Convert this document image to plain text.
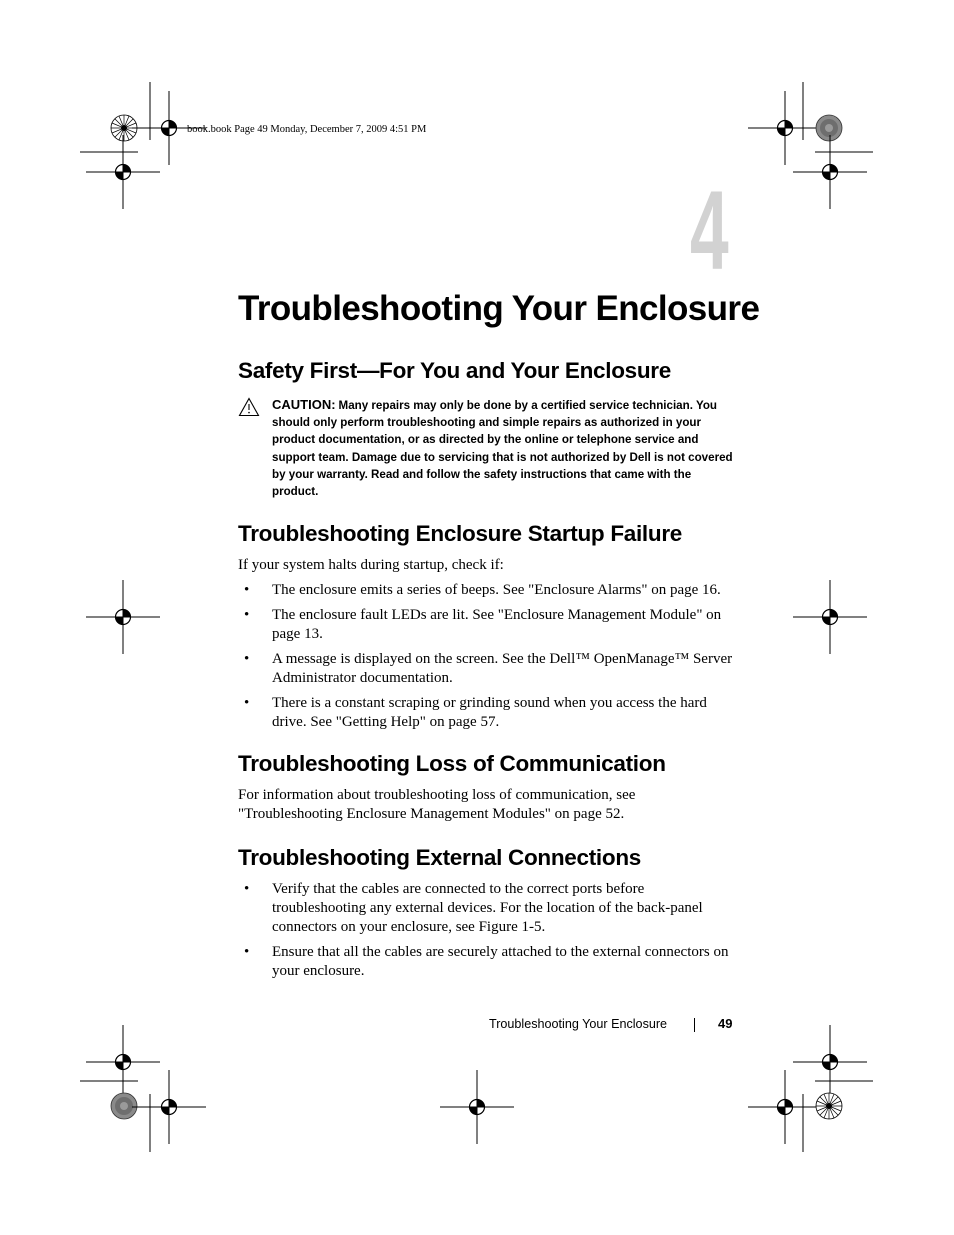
book.book Page 49 Monday, December 7, 2009 4:51 PM
4
Troubleshooting Your Enclosure
Safety First—For You and Your Enclosure

CAUTION: Many repairs may only be done by a certified service technician. You should only perform troubleshooting and simple repairs as authorized in your product documentation, or as directed by the online or telephone service and support team. Damage due to servicing that is not authorized by Dell is not covered by your warranty. Read and follow the safety instructions that came with the product.

Troubleshooting Enclosure Startup Failure

If your system halts during startup, check if:

• The enclosure emits a series of beeps. See "Enclosure Alarms" on page 16.
• The enclosure fault LEDs are lit. See "Enclosure Management Module" on page 13.
• A message is displayed on the screen. See the Dell™ OpenManage™ Server Administrator documentation.
• There is a constant scraping or grinding sound when you access the hard drive. See "Getting Help" on page 57.
Troubleshooting Loss of Communication

For information about troubleshooting loss of communication, see "Troubleshooting Enclosure Management Modules" on page 52.

Troubleshooting External Connections
• Verify that the cables are connected to the correct ports before troubleshooting any external devices. For the location of the back-panel connectors on your enclosure, see Figure 1-5.
• Ensure that all the cables are securely attached to the external connectors on your enclosure.
Troubleshooting Your Enclosure	49
